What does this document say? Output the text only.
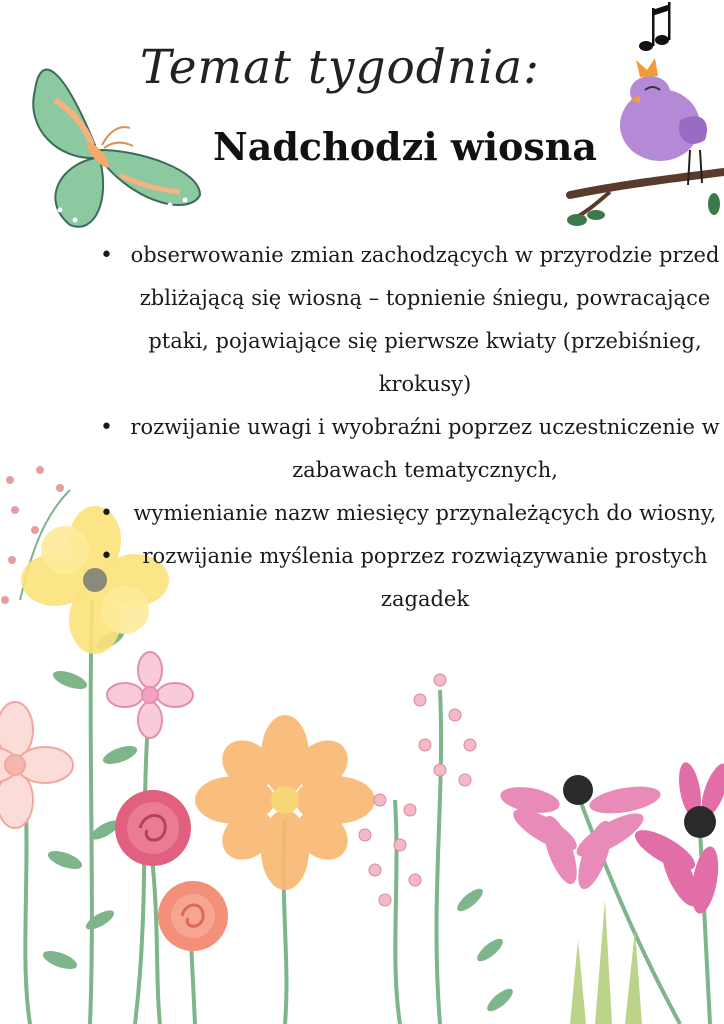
Temat tygodnia:
Nadchodzi wiosna
• obserwowanie zmian zachodzących w przyrodzie przed zbliżającą się wiosną – topnienie śniegu, powracające ptaki, pojawiające się pierwsze kwiaty (przebiśnieg, krokusy)
• rozwijanie uwagi i wyobraźni poprzez uczestniczenie w zabawach tematycznych,
• wymienianie nazw miesięcy przynależących do wiosny,
•	rozwijanie myślenia poprzez rozwiązywanie prostych zagadek
